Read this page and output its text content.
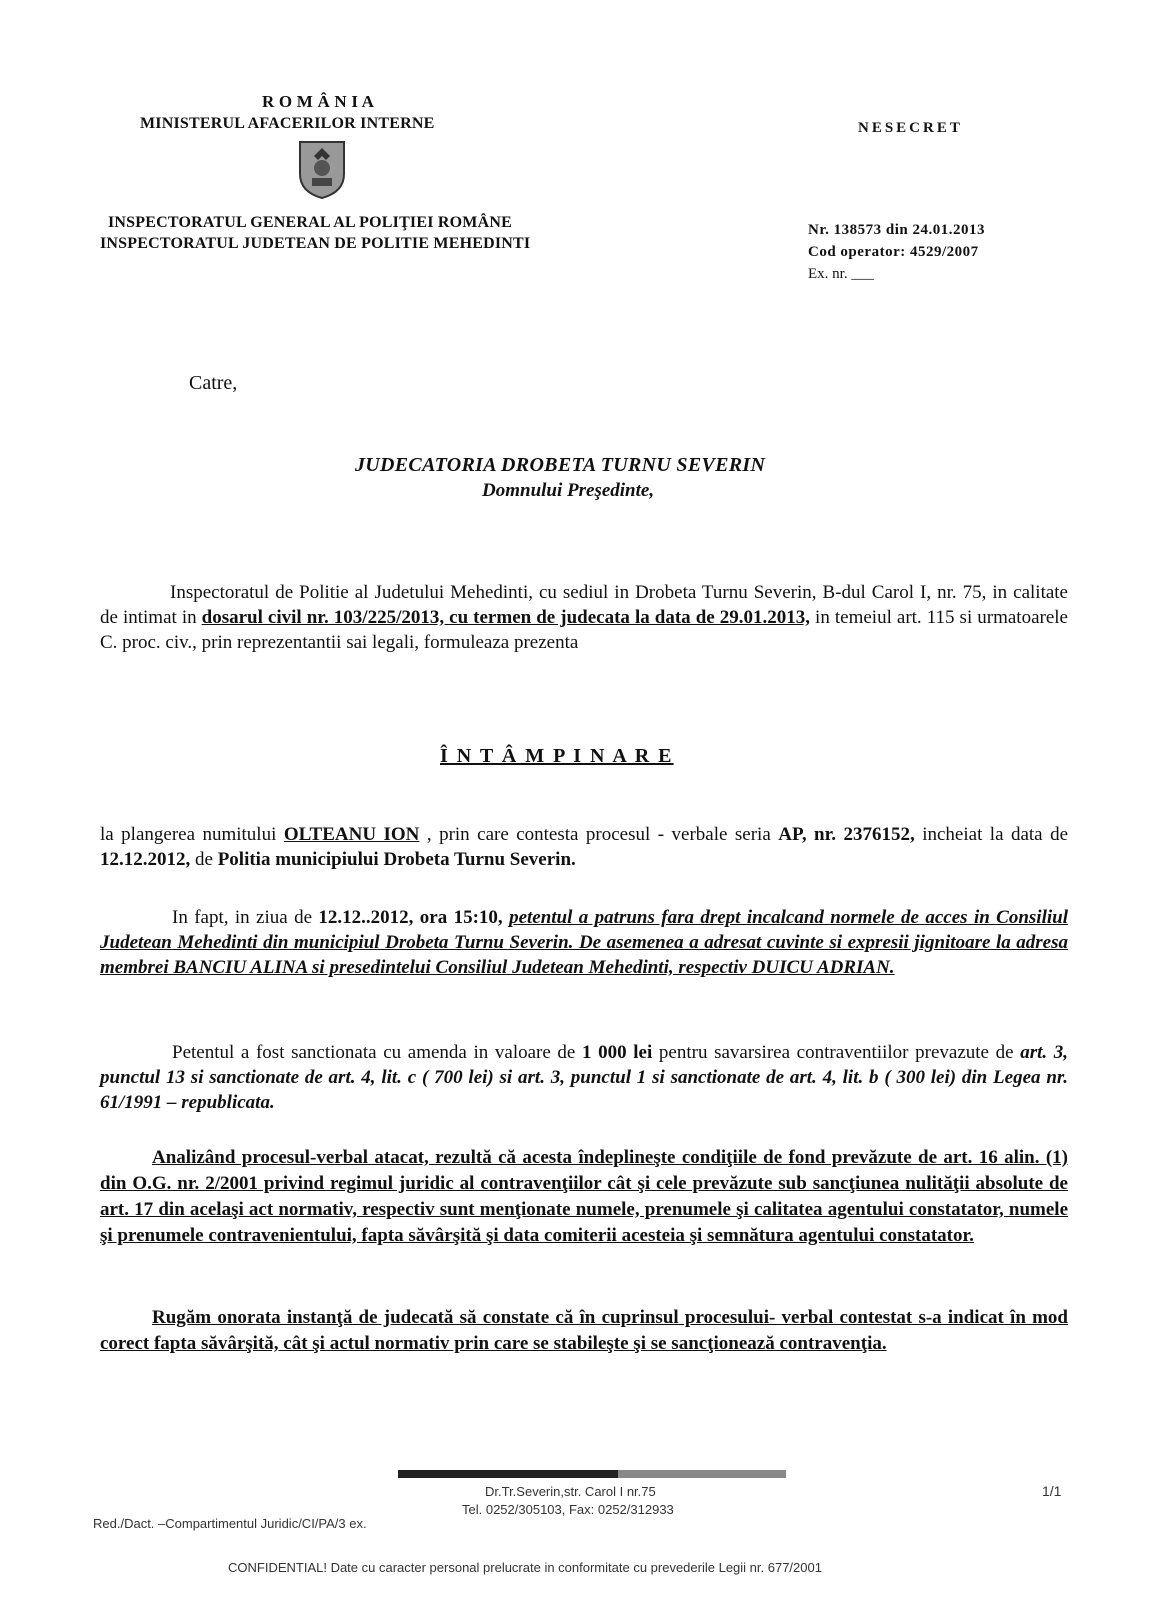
R O M Â N I A
MINISTERUL AFACERILOR INTERNE	NESECRET
INSPECTORATUL GENERAL AL POLIŢIEI ROMÂNE
INSPECTORATUL JUDETEAN DE POLITIE MEHEDINTI
Nr. 138573 din 24.01.2013
Cod operator: 4529/2007
Ex. nr. ___
Catre,
JUDECATORIA DROBETA TURNU SEVERIN
Domnului Preşedinte,

Inspectoratul de Politie al Judetului Mehedinti, cu sediul in Drobeta Turnu Severin, B-dul Carol I, nr. 75, in calitate de intimat in dosarul civil nr. 103/225/2013, cu termen de judecata la data de 29.01.2013, in temeiul art. 115 si urmatoarele C. proc. civ., prin reprezentantii sai legali, formuleaza prezenta

Î N T Â M P I N A R E

la plangerea numitului OLTEANU ION , prin care contesta procesul - verbale seria AP, nr. 2376152, incheiat la data de 12.12.2012, de Politia municipiului Drobeta Turnu Severin.

In fapt, in ziua de 12.12..2012, ora 15:10, petentul a patruns fara drept incalcand normele de acces in Consiliul Judetean Mehedinti din municipiul Drobeta Turnu Severin. De asemenea a adresat cuvinte si expresii jignitoare la adresa membrei BANCIU ALINA si presedintelui Consiliul Judetean Mehedinti, respectiv DUICU ADRIAN.

Petentul a fost sanctionata cu amenda in valoare de 1 000 lei pentru savarsirea contraventiilor prevazute de art. 3, punctul 13 si sanctionate de art. 4, lit. c ( 700 lei) si art. 3, punctul 1 si sanctionate de art. 4, lit. b ( 300 lei) din Legea nr. 61/1991 – republicata.

Analizând procesul-verbal atacat, rezultă că acesta îndeplineşte condiţiile de fond prevăzute de art. 16 alin. (1) din O.G. nr. 2/2001 privind regimul juridic al contravenţiilor cât şi cele prevăzute sub sancţiunea nulităţii absolute de art. 17 din acelaşi act normativ, respectiv sunt menţionate numele, prenumele şi calitatea agentului constatator, numele şi prenumele contravenientului, fapta săvârşită şi data comiterii acesteia şi semnătura agentului constatator.

Rugăm onorata instanţă de judecată să constate că în cuprinsul procesului- verbal contestat s-a indicat în mod corect fapta săvârşită, cât şi actul normativ prin care se stabileşte şi se sancţionează contravenţia.

Dr.Tr.Severin,str. Carol I nr.75
Tel. 0252/305103, Fax: 0252/312933
1/1
Red./Dact. –Compartimentul Juridic/CI/PA/3 ex.
CONFIDENTIAL! Date cu caracter personal prelucrate in conformitate cu prevederile Legii nr. 677/2001
